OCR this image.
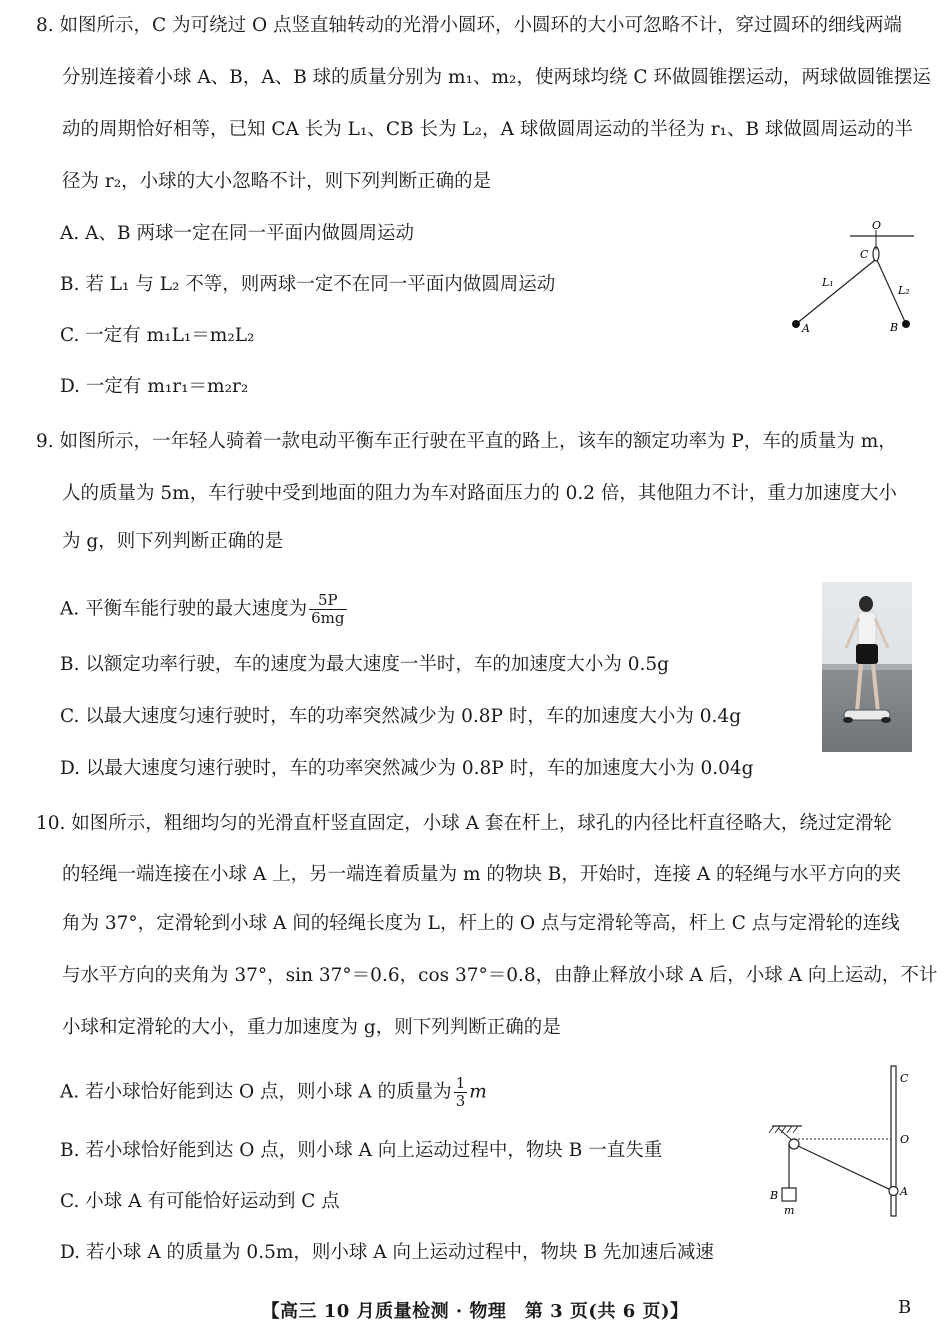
8. 如图所示，C 为可绕过 O 点竖直轴转动的光滑小圆环，小圆环的大小可忽略不计，穿过圆环的细线两端
分别连接着小球 A、B，A、B 球的质量分别为 m₁、m₂，使两球均绕 C 环做圆锥摆运动，两球做圆锥摆运
动的周期恰好相等，已知 CA 长为 L₁、CB 长为 L₂，A 球做圆周运动的半径为 r₁、B 球做圆周运动的半
径为 r₂，小球的大小忽略不计，则下列判断正确的是
A. A、B 两球一定在同一平面内做圆周运动
B. 若 L₁ 与 L₂ 不等，则两球一定不在同一平面内做圆周运动
C. 一定有 m₁L₁＝m₂L₂
D. 一定有 m₁r₁＝m₂r₂
O
C
L₁
L₂
A	B
9. 如图所示，一年轻人骑着一款电动平衡车正行驶在平直的路上，该车的额定功率为 P，车的质量为 m，
人的质量为 5m，车行驶中受到地面的阻力为车对路面压力的 0.2 倍，其他阻力不计，重力加速度大小
为 g，则下列判断正确的是
A. 平衡车能行驶的最大速度为 $\frac{5P}{6mg}$
B. 以额定功率行驶，车的速度为最大速度一半时，车的加速度大小为 0.5g
C. 以最大速度匀速行驶时，车的功率突然减少为 0.8P 时，车的加速度大小为 0.4g
D. 以最大速度匀速行驶时，车的功率突然减少为 0.8P 时，车的加速度大小为 0.04g
10. 如图所示，粗细均匀的光滑直杆竖直固定，小球 A 套在杆上，球孔的内径比杆直径略大，绕过定滑轮
的轻绳一端连接在小球 A 上，另一端连着质量为 m 的物块 B，开始时，连接 A 的轻绳与水平方向的夹
角为 37°，定滑轮到小球 A 间的轻绳长度为 L，杆上的 O 点与定滑轮等高，杆上 C 点与定滑轮的连线
与水平方向的夹角为 37°，sin 37°＝0.6，cos 37°＝0.8，由静止释放小球 A 后，小球 A 向上运动，不计
小球和定滑轮的大小，重力加速度为 g，则下列判断正确的是
A. 若小球恰好能到达 O 点，则小球 A 的质量为 $\frac{1}{3}$ m
B. 若小球恰好能到达 O 点，则小球 A 向上运动过程中，物块 B 一直失重
C. 小球 A 有可能恰好运动到 C 点
D. 若小球 A 的质量为 0.5m，则小球 A 向上运动过程中，物块 B 先加速后减速
C
O
A
B
m
【高三 10 月质量检测 · 物理　第 3 页(共 6 页)】	B
